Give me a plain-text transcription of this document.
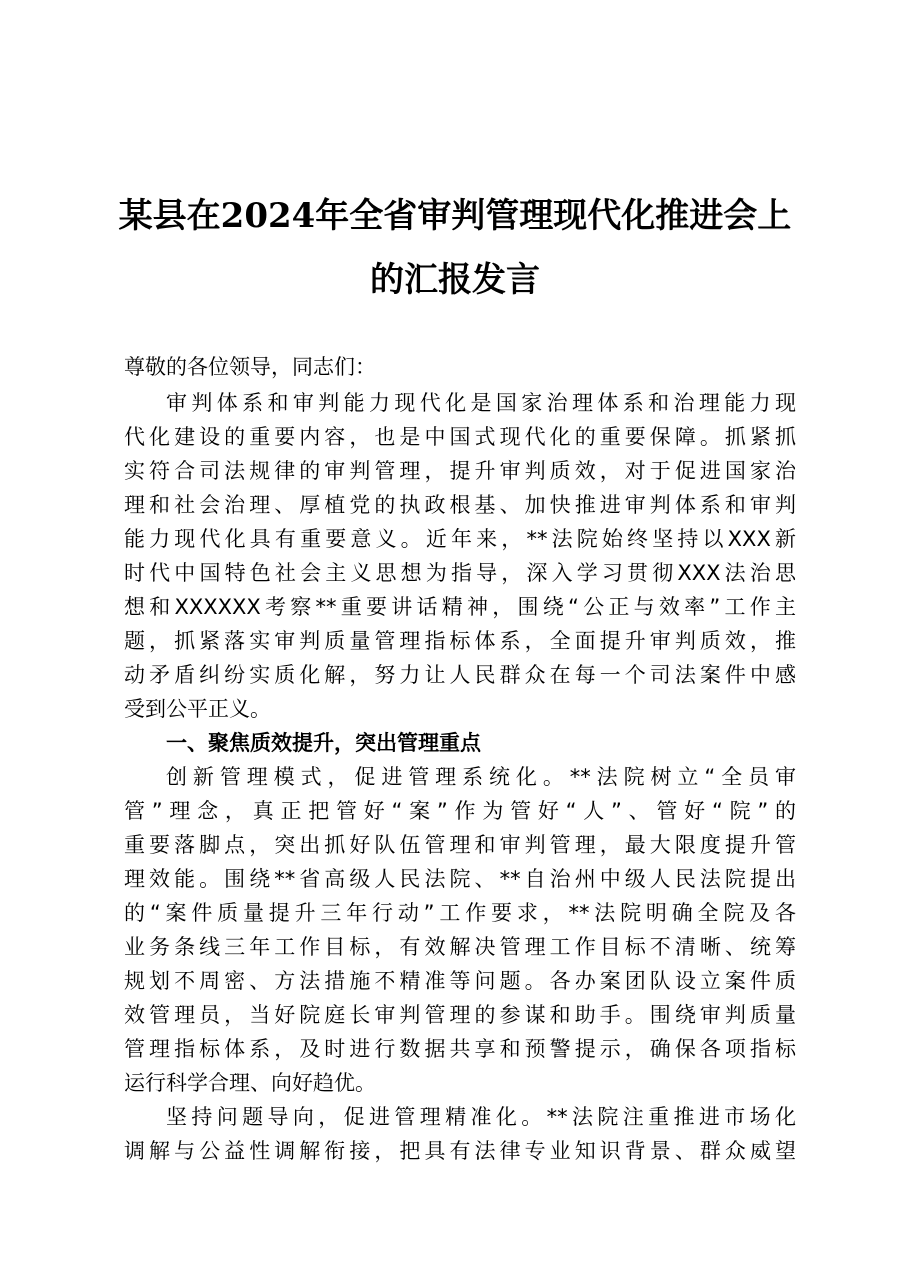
某县在2024年全省审判管理现代化推进会上
的汇报发言
尊敬的各位领导，同志们：
审判体系和审判能力现代化是国家治理体系和治理能力现
代化建设的重要内容，也是中国式现代化的重要保障。抓紧抓
实符合司法规律的审判管理，提升审判质效，对于促进国家治
理和社会治理、厚植党的执政根基、加快推进审判体系和审判
能力现代化具有重要意义。近年来，**法院始终坚持以XXX新
时代中国特色社会主义思想为指导，深入学习贯彻XXX法治思
想和XXXXXX考察**重要讲话精神，围绕“公正与效率”工作主
题，抓紧落实审判质量管理指标体系，全面提升审判质效，推
动矛盾纠纷实质化解，努力让人民群众在每一个司法案件中感
受到公平正义。
一、聚焦质效提升，突出管理重点
创新管理模式，促进管理系统化。**法院树立“全员审
管”理念，真正把管好“案”作为管好“人”、管好“院”的
重要落脚点，突出抓好队伍管理和审判管理，最大限度提升管
理效能。围绕**省高级人民法院、**自治州中级人民法院提出
的“案件质量提升三年行动”工作要求，**法院明确全院及各
业务条线三年工作目标，有效解决管理工作目标不清晰、统筹
规划不周密、方法措施不精准等问题。各办案团队设立案件质
效管理员，当好院庭长审判管理的参谋和助手。围绕审判质量
管理指标体系，及时进行数据共享和预警提示，确保各项指标
运行科学合理、向好趋优。
坚持问题导向，促进管理精准化。**法院注重推进市场化
调解与公益性调解衔接，把具有法律专业知识背景、群众威望
